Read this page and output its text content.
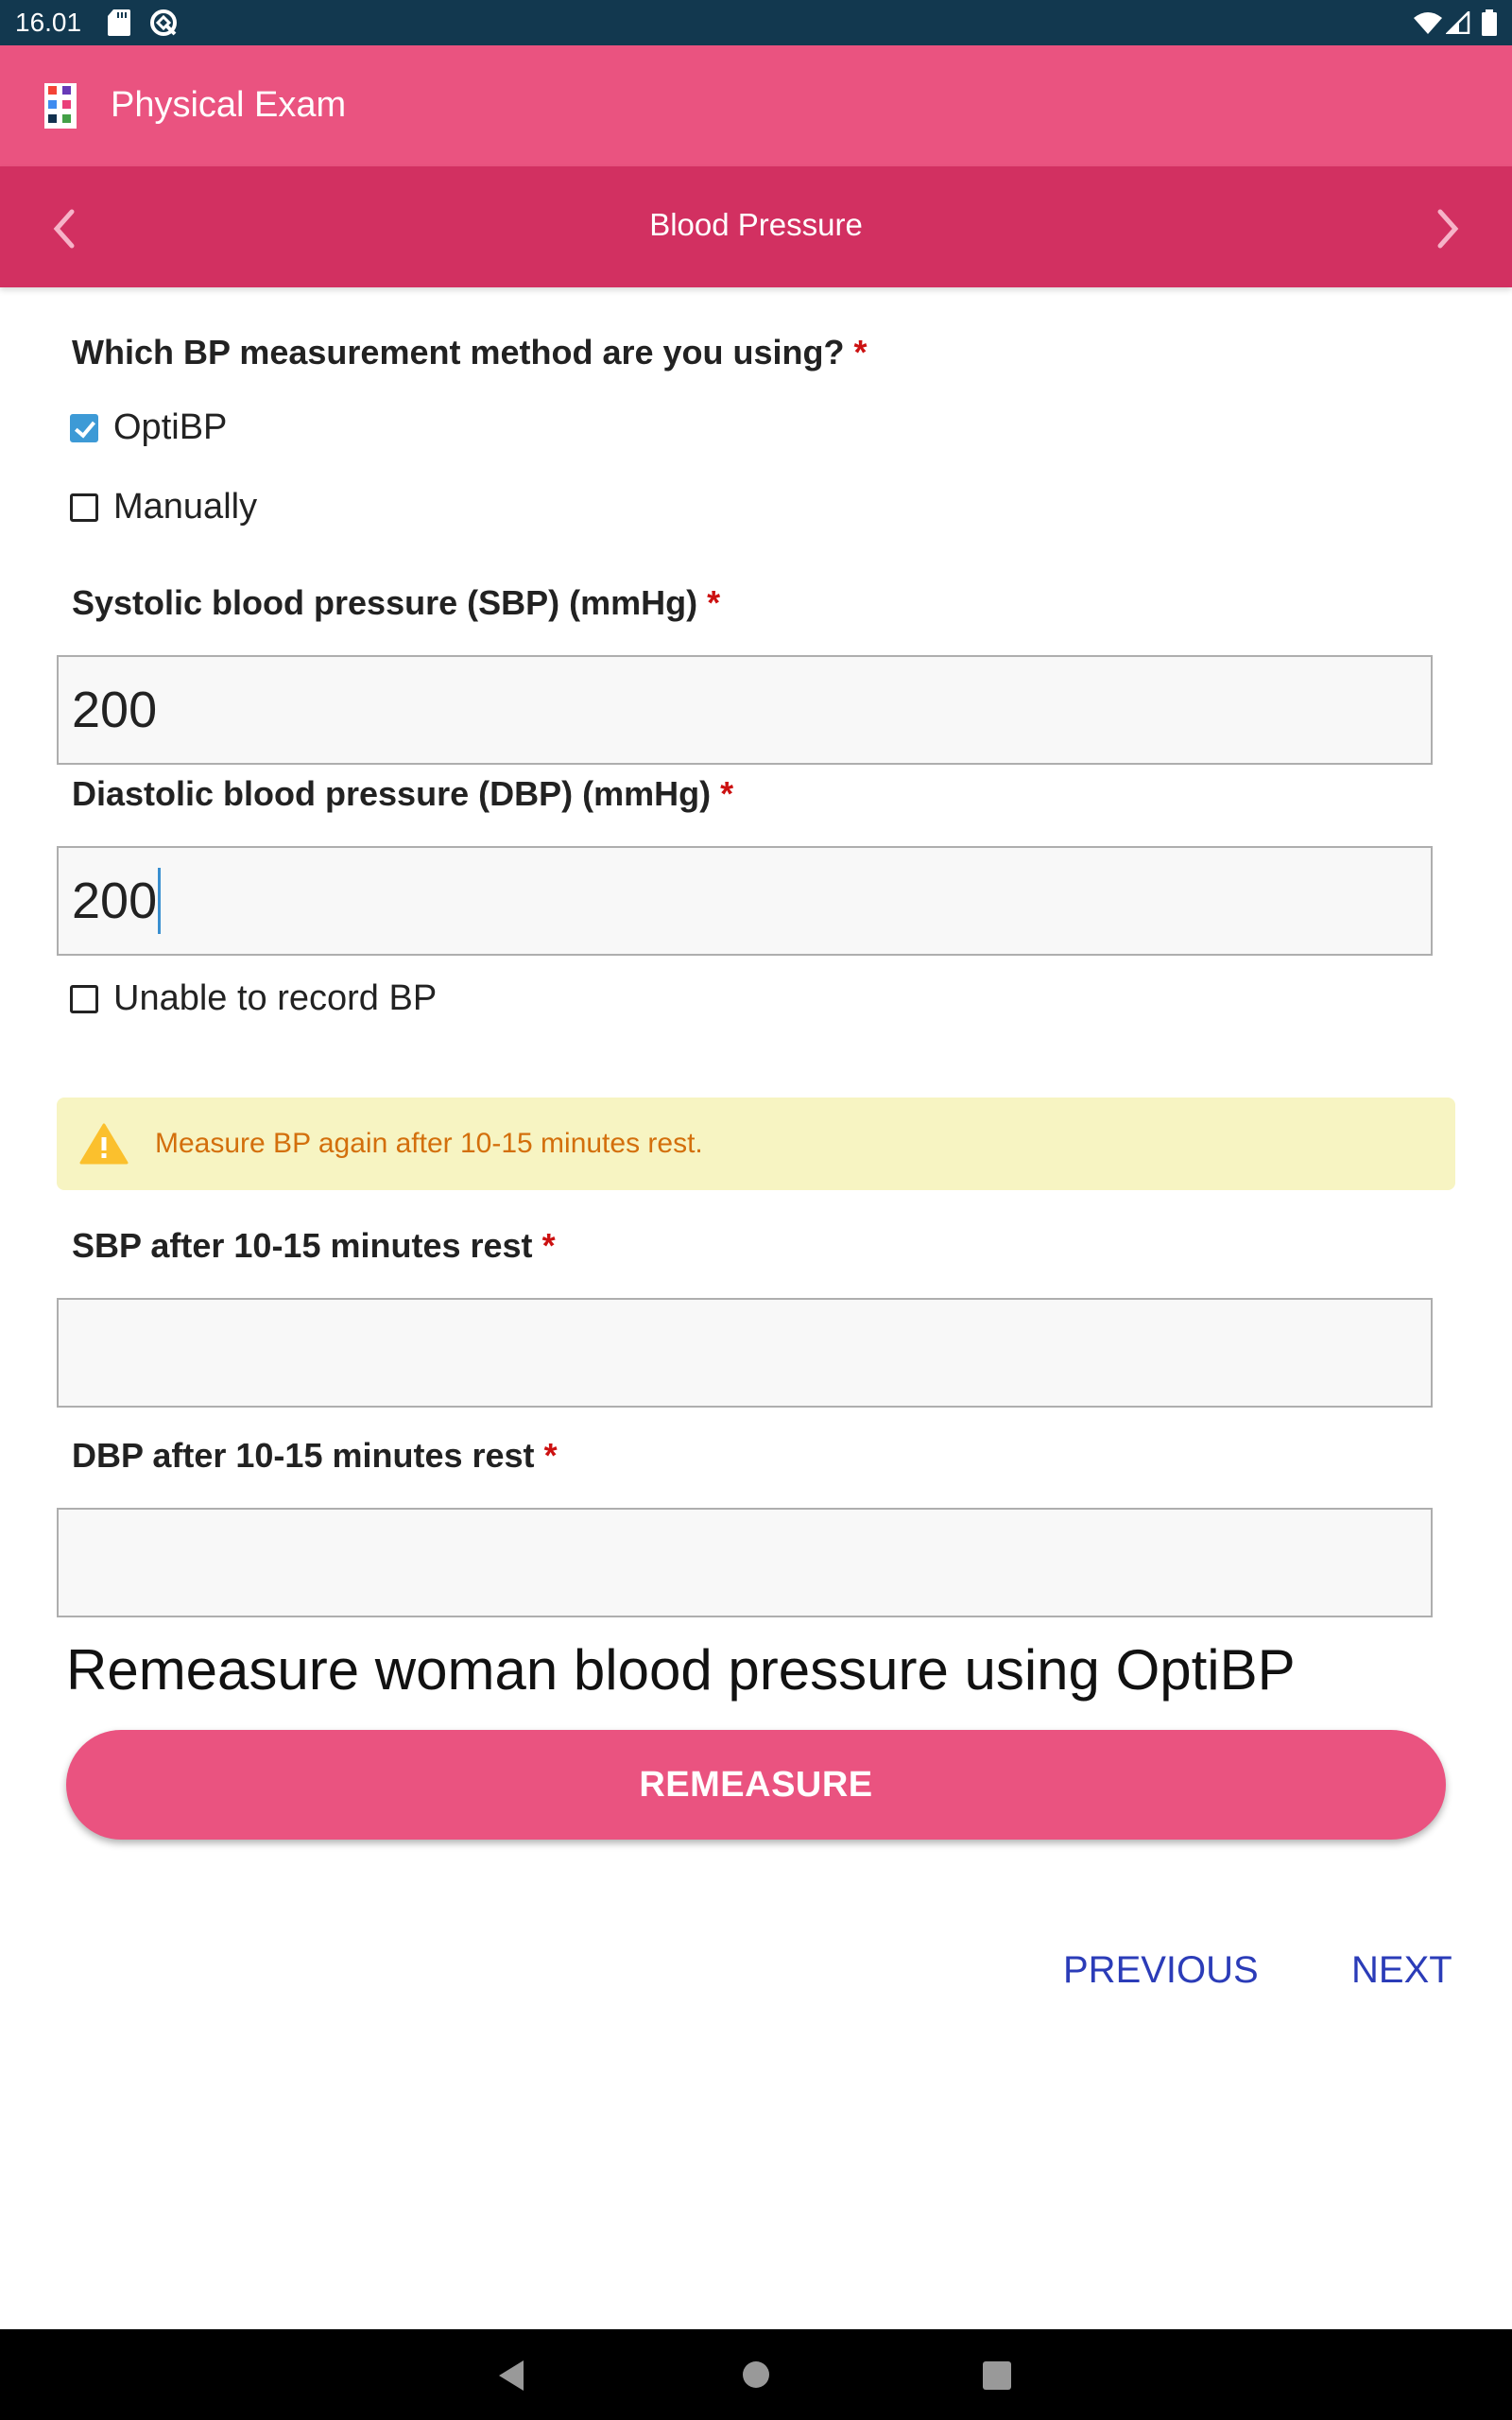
16.01
Physical Exam
Blood Pressure
Which BP measurement method are you using? *
OptiBP
Manually
Systolic blood pressure (SBP) (mmHg) *
200
Diastolic blood pressure (DBP) (mmHg) *
200
Unable to record BP
Measure BP again after 10-15 minutes rest.
SBP after 10-15 minutes rest *
DBP after 10-15 minutes rest *
Remeasure woman blood pressure using OptiBP
REMEASURE
PREVIOUS NEXT
